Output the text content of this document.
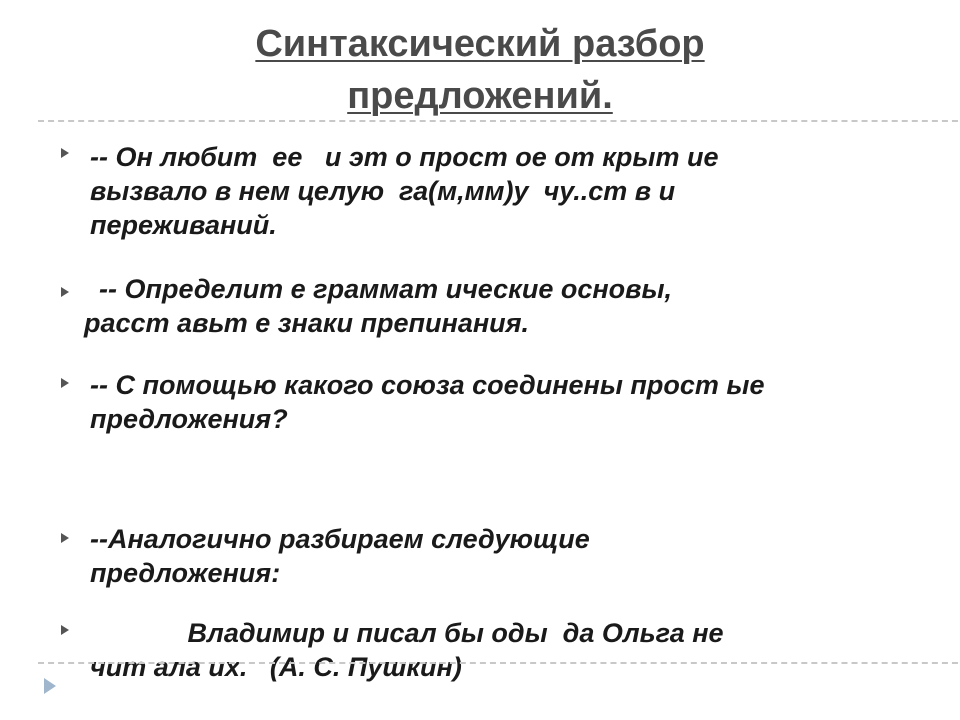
Синтаксический разбор
предложений.
-- Он любит  ее   и эт о прост ое от крыт ие
вызвало в нем целую  га(м,мм)у  чу..ст в и
переживаний.
-- Определит е граммат ические основы,
расст авьт е знаки препинания.
-- С помощью какого союза соединены прост ые
предложения?
--Аналогично разбираем следующие
предложения:
Владимир и писал бы оды  да Ольга не
чит ала их.   (А. С. Пушкин)
